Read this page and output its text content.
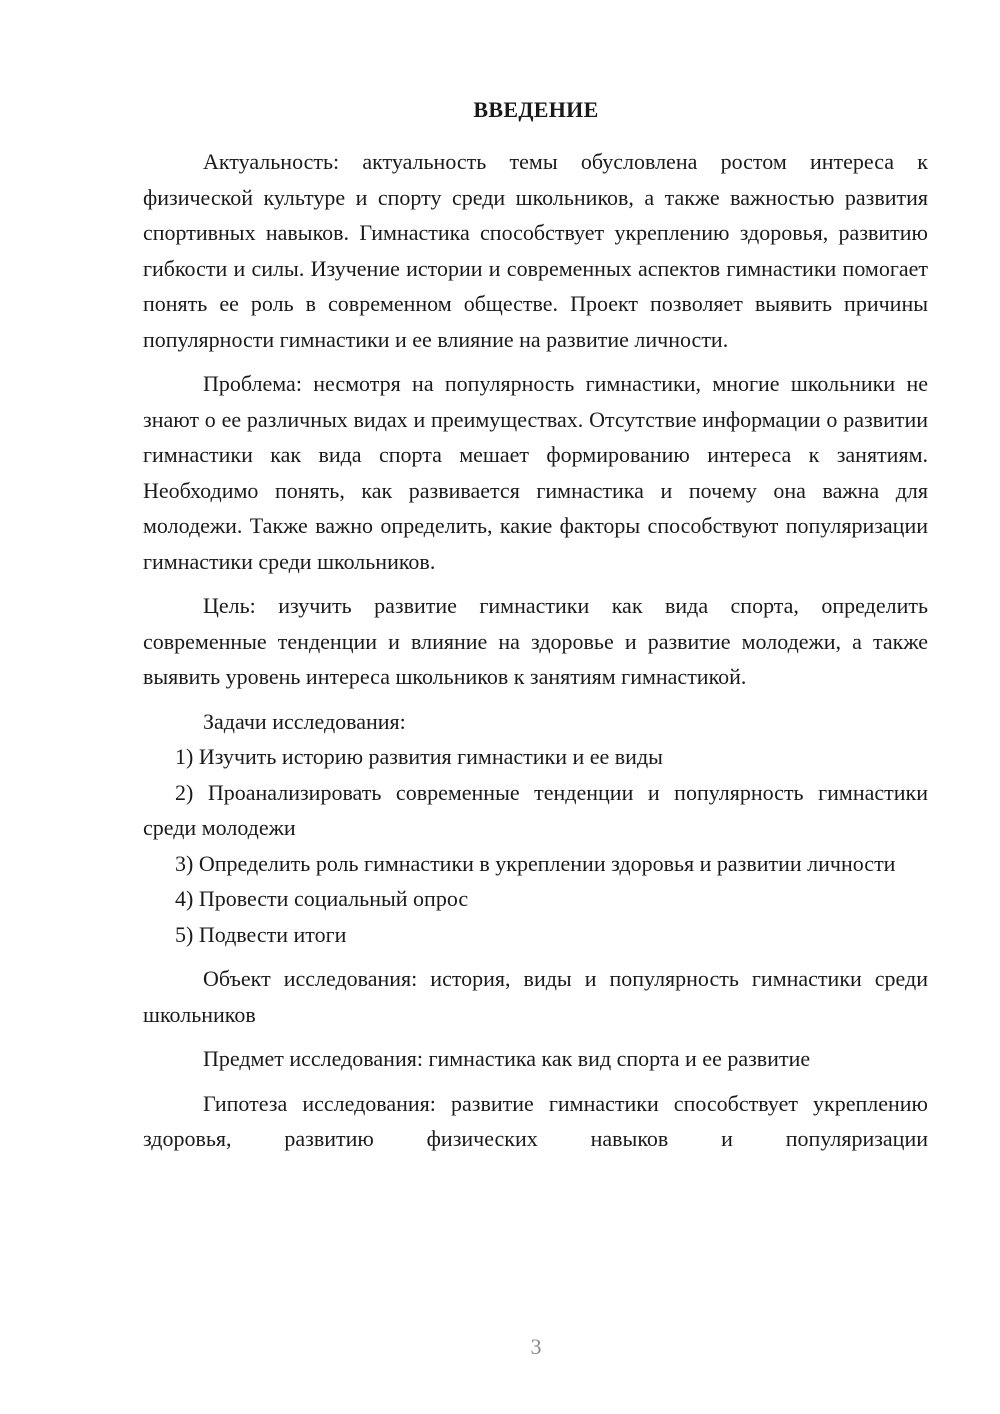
ВВЕДЕНИЕ

Актуальность: актуальность темы обусловлена ростом интереса к физической культуре и спорту среди школьников, а также важностью развития спортивных навыков. Гимнастика способствует укреплению здоровья, развитию гибкости и силы. Изучение истории и современных аспектов гимнастики помогает понять ее роль в современном обществе. Проект позволяет выявить причины популярности гимнастики и ее влияние на развитие личности.

Проблема: несмотря на популярность гимнастики, многие школьники не знают о ее различных видах и преимуществах. Отсутствие информации о развитии гимнастики как вида спорта мешает формированию интереса к занятиям. Необходимо понять, как развивается гимнастика и почему она важна для молодежи. Также важно определить, какие факторы способствуют популяризации гимнастики среди школьников.

Цель: изучить развитие гимнастики как вида спорта, определить современные тенденции и влияние на здоровье и развитие молодежи, а также выявить уровень интереса школьников к занятиям гимнастикой.

Задачи исследования:

1) Изучить историю развития гимнастики и ее виды

2) Проанализировать современные тенденции и популярность гимнастики среди молодежи

3) Определить роль гимнастики в укреплении здоровья и развитии личности

4) Провести социальный опрос

5) Подвести итоги

Объект исследования: история, виды и популярность гимнастики среди школьников

Предмет исследования: гимнастика как вид спорта и ее развитие

Гипотеза исследования: развитие гимнастики способствует укреплению здоровья, развитию физических навыков и популяризации

3
